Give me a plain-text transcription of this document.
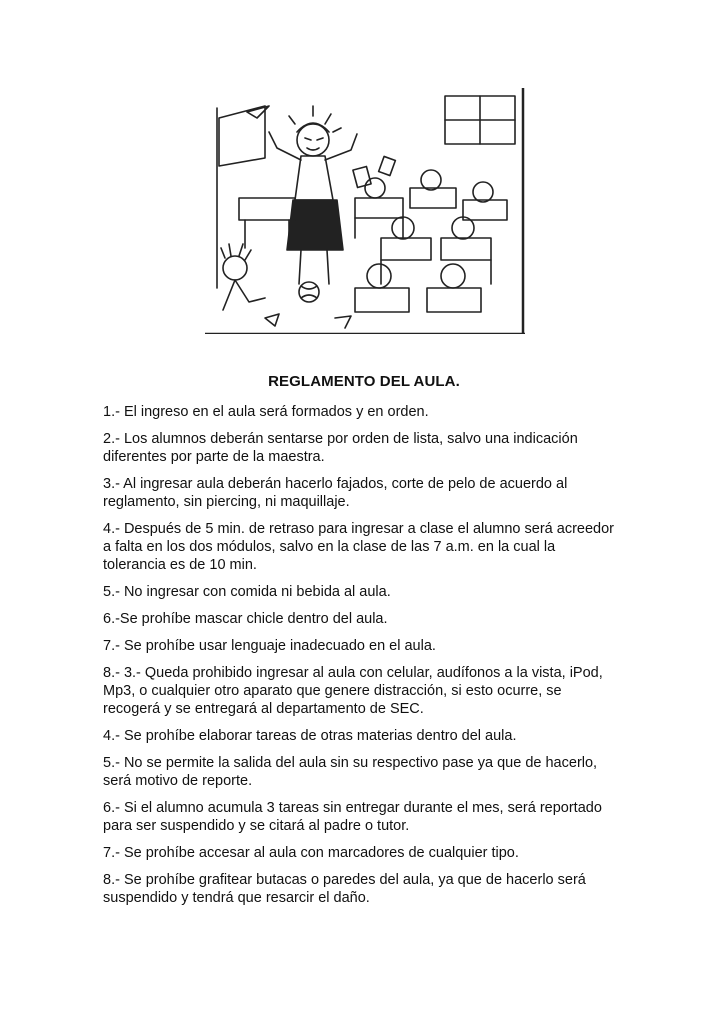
REGLAMENTO DEL AULA.
1.- El ingreso en el aula será formados y en orden.
2.- Los alumnos deberán sentarse por orden de lista, salvo una indicación
diferentes por parte de la maestra.
3.- Al ingresar aula deberán hacerlo fajados, corte de pelo de acuerdo al
reglamento, sin piercing, ni maquillaje.
4.- Después de 5 min. de retraso para ingresar a clase el alumno será acreedor
a falta en los dos módulos, salvo en la clase de las 7 a.m. en la cual la
tolerancia es de 10 min.
5.- No ingresar con comida ni bebida al aula.
6.-Se prohíbe mascar chicle dentro del aula.
7.- Se prohíbe usar lenguaje inadecuado en el aula.
8.- 3.- Queda prohibido ingresar al aula con celular, audífonos a la vista, iPod,
Mp3, o cualquier otro aparato que genere distracción, si esto ocurre, se
recogerá y se entregará al departamento de SEC.
4.- Se prohíbe elaborar tareas de otras materias dentro del aula.
5.- No se permite la salida del aula sin su respectivo pase ya que de hacerlo,
será motivo de reporte.
6.- Si el alumno acumula 3 tareas sin entregar durante el mes, será reportado
para ser suspendido y se citará al padre o tutor.
7.- Se prohíbe accesar al aula con marcadores de cualquier tipo.
8.- Se prohíbe grafitear butacas o paredes del aula, ya que de hacerlo será
suspendido y tendrá que resarcir el daño.
